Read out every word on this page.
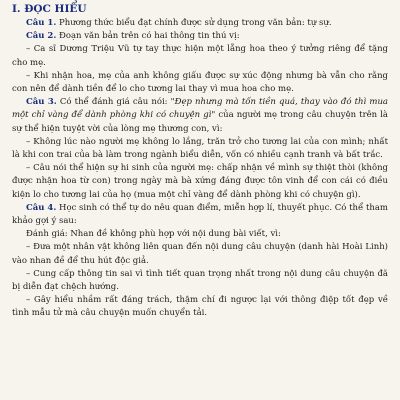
I. ĐỌC HIỂU

Câu 1. Phương thức biểu đạt chính được sử dụng trong văn bản: tự sự.

Câu 2. Đoạn văn bản trên có hai thông tin thú vị:

– Ca sĩ Dương Triệu Vũ tự tay thực hiện một lẵng hoa theo ý tưởng riêng để tặng cho mẹ.

– Khi nhận hoa, mẹ của anh không giấu được sự xúc động nhưng bà vẫn cho rằng con nên để dành tiền để lo cho tương lai thay vì mua hoa cho mẹ.

Câu 3. Có thể đánh giá câu nói: "Đẹp nhưng mà tốn tiền quá, thay vào đó thì mua một chỉ vàng để dành phòng khi có chuyện gì" của người mẹ trong câu chuyện trên là sự thể hiện tuyệt vời của lòng mẹ thương con, vì:

– Không lúc nào người mẹ không lo lắng, trăn trở cho tương lai của con mình; nhất là khi con trai của bà làm trong ngành biểu diễn, vốn có nhiều cạnh tranh và bất trắc.

– Câu nói thể hiện sự hi sinh của người mẹ: chấp nhận về mình sự thiệt thòi (không được nhận hoa từ con) trong ngày mà bà xứng đáng được tôn vinh để con cái có điều kiện lo cho tương lai của họ (mua một chỉ vàng để dành phòng khi có chuyện gì).

Câu 4. Học sinh có thể tự do nêu quan điểm, miễn hợp lí, thuyết phục. Có thể tham khảo gợi ý sau:

Đánh giá: Nhan đề không phù hợp với nội dung bài viết, vì:

– Đưa một nhân vật không liên quan đến nội dung câu chuyện (danh hài Hoài Linh) vào nhan đề để thu hút độc giả.

– Cung cấp thông tin sai vì tình tiết quan trọng nhất trong nội dung câu chuyện đã bị diễn đạt chệch hướng.

– Gây hiểu nhầm rất đáng trách, thậm chí đi ngược lại với thông điệp tốt đẹp về tình mẫu tử mà câu chuyện muốn chuyển tải.
